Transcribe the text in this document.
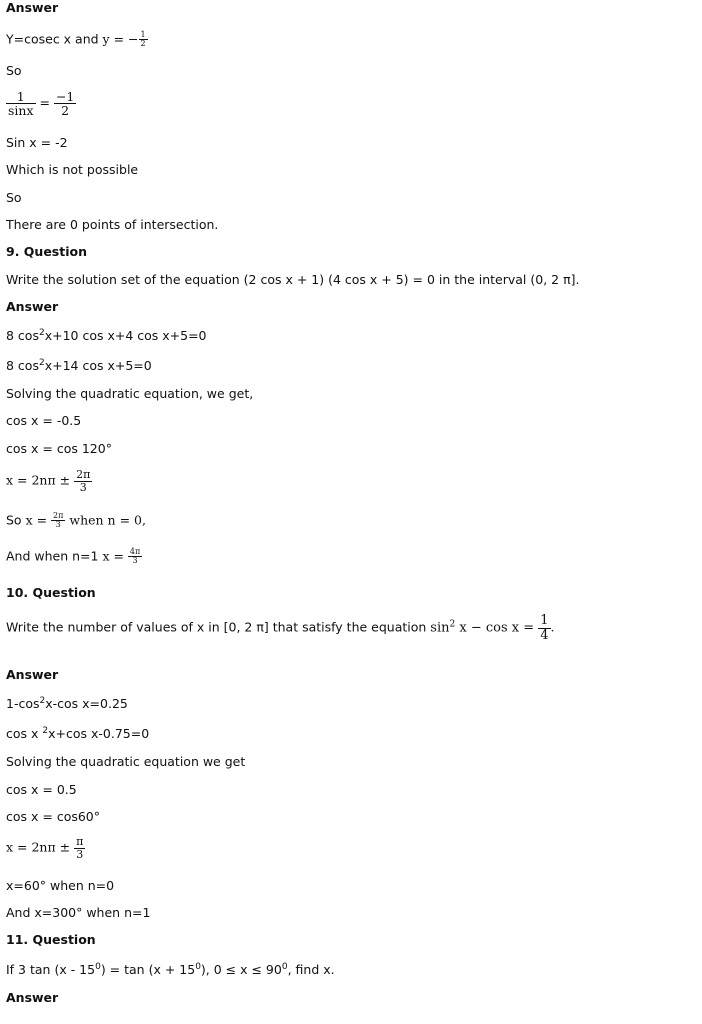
Answer
Y=cosec x and y = − $\frac{1}{2}$
So
$\frac{1}{\sin x} = \frac{-1}{2}$
Sin x = -2
Which is not possible
So
There are 0 points of intersection.
9. Question
Write the solution set of the equation (2 cos x + 1) (4 cos x + 5) = 0 in the interval (0, 2 π].
Answer
8 $\cos^2x+10$ cos x+4 cos x+5=0
8 $\cos^2x+14$ cos x+5=0
Solving the quadratic equation, we get,
cos x = -0.5
cos x = cos 120°
$x = 2n\pi \pm \frac{2\pi}{3}$
So $x = \frac{2\pi}{3}$ when n = 0,
And when n=1 $x = \frac{4\pi}{3}$
10. Question
Write the number of values of x in [0, 2 π] that satisfy the equation $\sin^2 x - \cos x = \frac{1}{4}$ .
Answer
$1-\cos^2x-\cos$ x=0.25
cos x $^2$x+cos x-0.75=0
Solving the quadratic equation we get
cos x = 0.5
cos x = cos60°
$x = 2n\pi \pm \frac{\pi}{3}$
x=60° when n=0
And x=300° when n=1
11. Question
If 3 $\tan (x - 15^0) = \tan (x + 15^0)$, $0 \le x \le 90^0$, find x.
Answer
